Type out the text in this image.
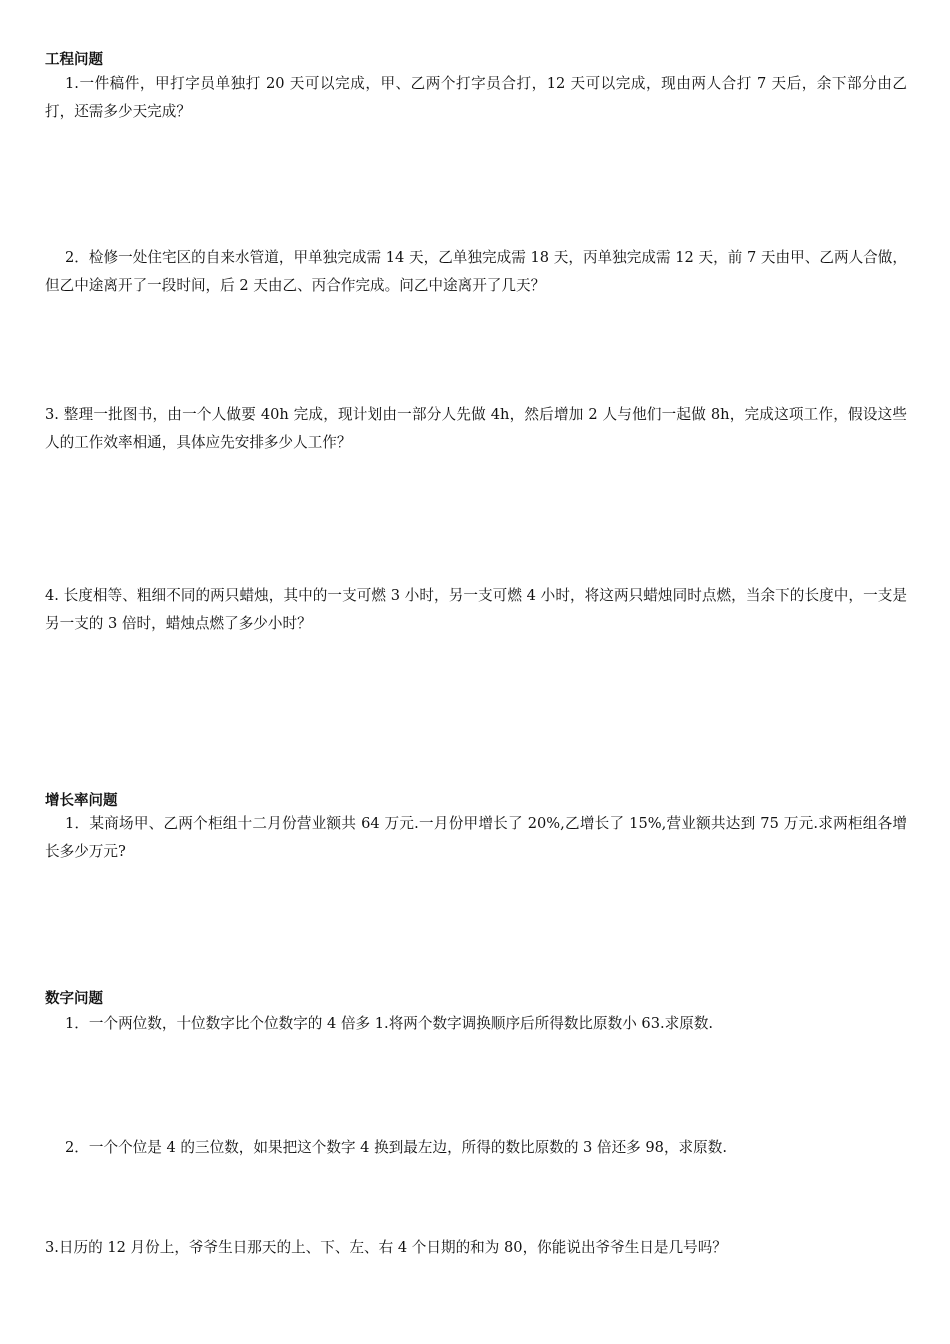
工程问题
1.一件稿件，甲打字员单独打 20 天可以完成，甲、乙两个打字员合打，12 天可以完成，现由两人合打 7 天后，余下部分由乙打，还需多少天完成？
2．检修一处住宅区的自来水管道，甲单独完成需 14 天，乙单独完成需 18 天，丙单独完成需 12 天，前 7 天由甲、乙两人合做，但乙中途离开了一段时间，后 2 天由乙、丙合作完成。问乙中途离开了几天？
3. 整理一批图书，由一个人做要 40h 完成，现计划由一部分人先做 4h，然后增加 2 人与他们一起做 8h，完成这项工作，假设这些人的工作效率相通，具体应先安排多少人工作？
4. 长度相等、粗细不同的两只蜡烛，其中的一支可燃 3 小时，另一支可燃 4 小时，将这两只蜡烛同时点燃，当余下的长度中，一支是另一支的 3 倍时，蜡烛点燃了多少小时？
增长率问题
1．某商场甲、乙两个柜组十二月份营业额共 64 万元.一月份甲增长了 20%,乙增长了 15%,营业额共达到 75 万元.求两柜组各增长多少万元?
数字问题
1．一个两位数，十位数字比个位数字的 4 倍多 1.将两个数字调换顺序后所得数比原数小 63.求原数.
2．一个个位是 4 的三位数，如果把这个数字 4 换到最左边，所得的数比原数的 3 倍还多 98，求原数.
3.日历的 12 月份上，爷爷生日那天的上、下、左、右 4 个日期的和为 80，你能说出爷爷生日是几号吗？
